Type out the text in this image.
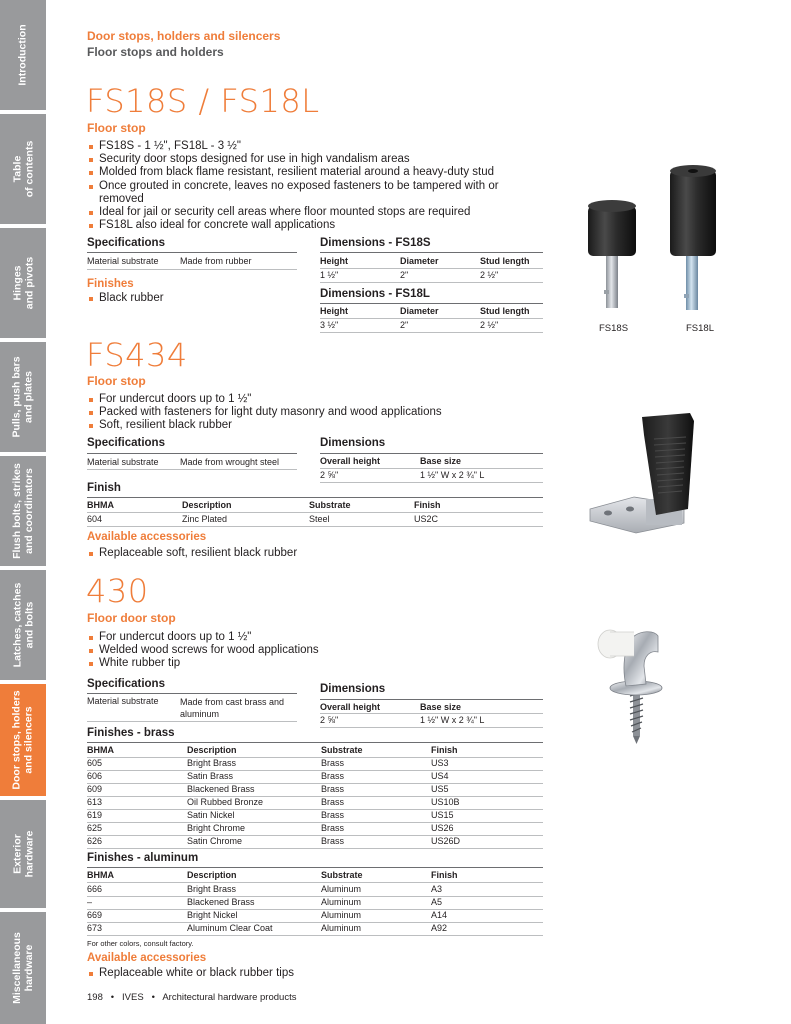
Introduction
Table
of contents
Hinges
and pivots
Pulls, push bars
and plates
Flush bolts, strikes
and coordinators
Latches, catches
and bolts
Door stops, holders
and silencers
Exterior
hardware
Miscellaneous
hardware
Door stops, holders and silencers
Floor stops and holders
FS18S / FS18L
Floor stop
FS18S - 1 ½", FS18L - 3 ½"
Security door stops designed for use in high vandalism areas
Molded from black flame resistant, resilient material around a heavy-duty stud
Once grouted in concrete, leaves no exposed fasteners to be tampered with or removed
Ideal for jail or security cell areas where floor mounted stops are required
FS18L also ideal for concrete wall applications
Specifications
Material substrate Made from rubber
Finishes
Black rubber
Dimensions - FS18S
Height	Diameter	Stud length
1 ½"	2"	2 ½"
Dimensions - FS18L
Height	Diameter	Stud length
3 ½"	2"	2 ½"	FS18S	FS18L
FS434
Floor stop
For undercut doors up to 1 ½"
Packed with fasteners for light duty masonry and wood applications
Soft, resilient black rubber
Specifications
Material substrate Made from wrought steel
Dimensions
Overall height	Base size
2 ⅝"	1 ½" W x 2 ¾" L
Finish
BHMA	Description	Substrate	Finish
604	Zinc Plated	Steel	US2C
Available accessories
Replaceable soft, resilient black rubber
430
Floor door stop
For undercut doors up to 1 ½"
Welded wood screws for wood applications
White rubber tip
Specifications
Material substrate Made from cast brass and aluminum
Dimensions
Overall height	Base size
2 ⅝"	1 ½" W x 2 ¾" L
Finishes - brass
BHMA	Description	Substrate	Finish
605	Bright Brass	Brass	US3
606	Satin Brass	Brass	US4
609	Blackened Brass	Brass	US5
613	Oil Rubbed Bronze	Brass	US10B
619	Satin Nickel	Brass	US15
625	Bright Chrome	Brass	US26
626	Satin Chrome	Brass	US26D
Finishes - aluminum
BHMA	Description	Substrate	Finish
666	Bright Brass	Aluminum	A3
–	Blackened Brass	Aluminum	A5
669	Bright Nickel	Aluminum	A14
673	Aluminum Clear Coat	Aluminum	A92
For other colors, consult factory.
Available accessories
Replaceable white or black rubber tips
198   •   IVES   •   Architectural hardware products
